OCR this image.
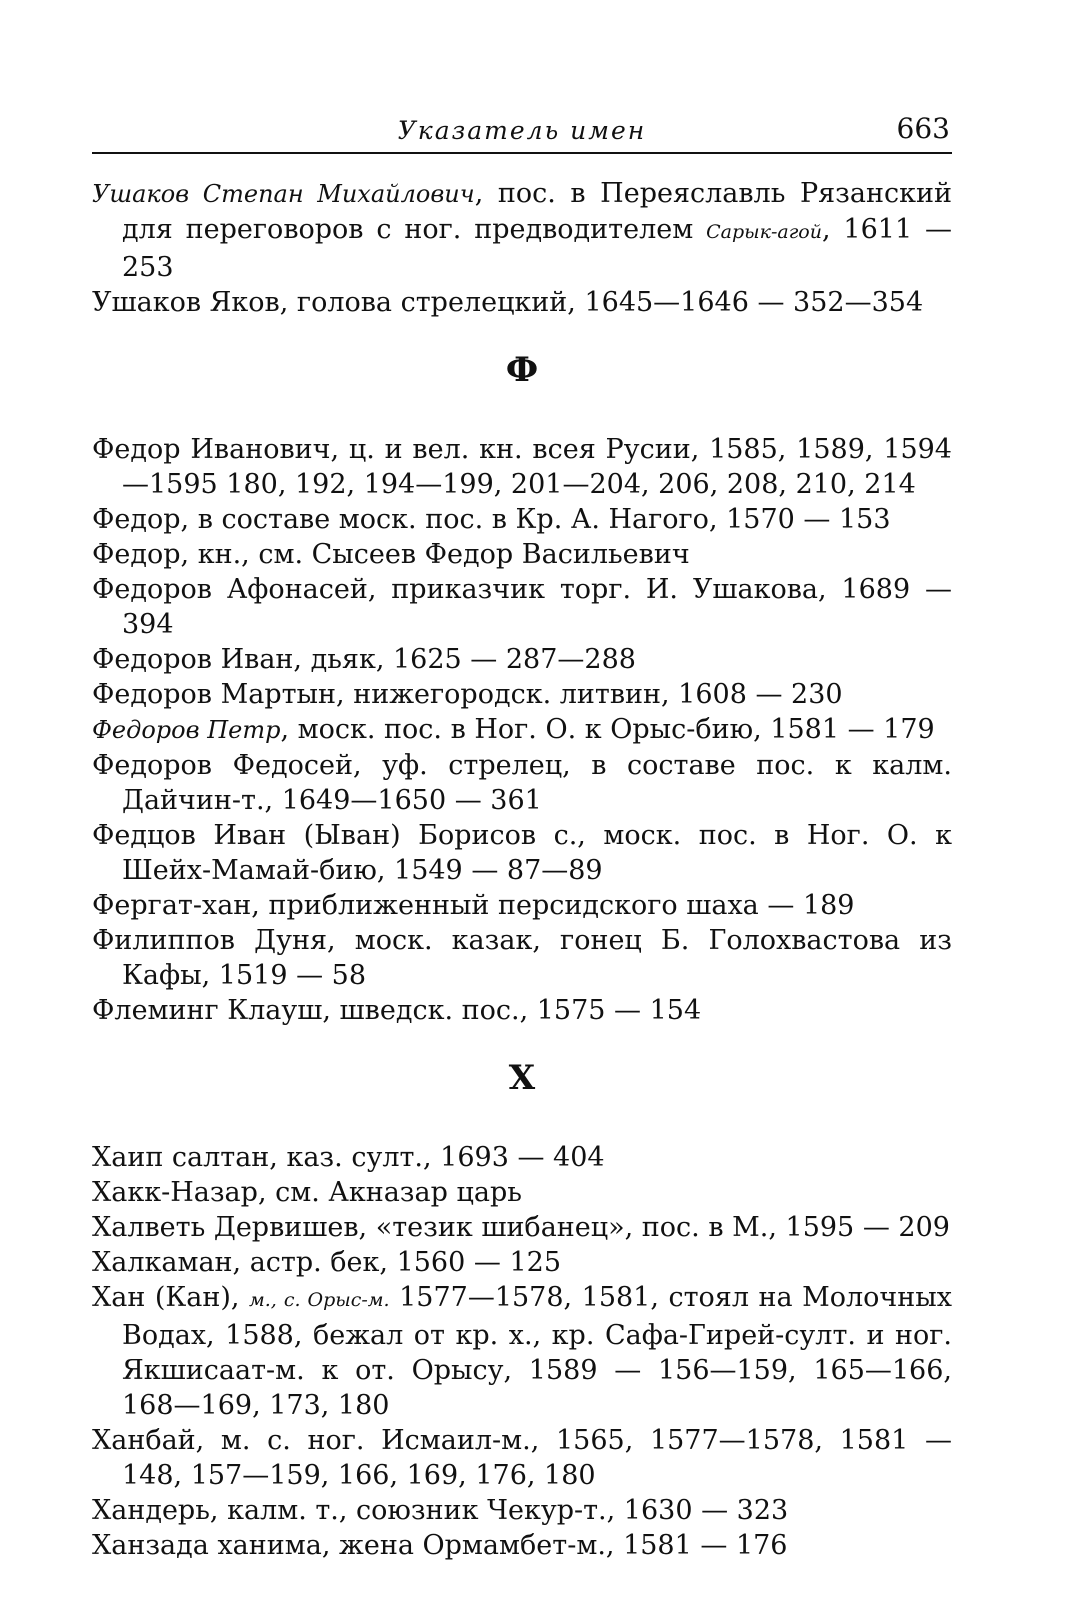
Указатель имен	663

Ушаков Степан Михайлович, пос. в Переяславль Рязанский для переговоров с ног. предводителем Сарык-агой, 1611 — 253

Ушаков Яков, голова стрелецкий, 1645—1646 — 352—354

Ф

Федор Иванович, ц. и вел. кн. всея Русии, 1585, 1589, 1594—1595 180, 192, 194—199, 201—204, 206, 208, 210, 214

Федор, в составе моск. пос. в Кр. А. Нагого, 1570 — 153

Федор, кн., см. Сысеев Федор Васильевич

Федоров Афонасей, приказчик торг. И. Ушакова, 1689 — 394

Федоров Иван, дьяк, 1625 — 287—288

Федоров Мартын, нижегородск. литвин, 1608 — 230

Федоров Петр, моск. пос. в Ног. О. к Орыс-бию, 1581 — 179

Федоров Федосей, уф. стрелец, в составе пос. к калм. Дайчин-т., 1649—1650 — 361

Федцов Иван (Ыван) Борисов с., моск. пос. в Ног. О. к Шейх-Мамай-бию, 1549 — 87—89

Фергат-хан, приближенный персидского шаха — 189

Филиппов Дуня, моск. казак, гонец Б. Голохвастова из Кафы, 1519 — 58

Флеминг Клауш, шведск. пос., 1575 — 154

Х

Хаип салтан, каз. султ., 1693 — 404

Хакк-Назар, см. Акназар царь

Халветь Дервишев, «тезик шибанец», пос. в М., 1595 — 209

Халкаман, астр. бек, 1560 — 125

Хан (Кан), м., с. Орыс-м. 1577—1578, 1581, стоял на Молочных Водах, 1588, бежал от кр. х., кр. Сафа-Гирей-султ. и ног. Якшисаат-м. к от. Орысу, 1589 — 156—159, 165—166, 168—169, 173, 180

Ханбай, м. с. ног. Исмаил-м., 1565, 1577—1578, 1581 — 148, 157—159, 166, 169, 176, 180

Хандерь, калм. т., союзник Чекур-т., 1630 — 323

Ханзада ханима, жена Ормамбет-м., 1581 — 176
